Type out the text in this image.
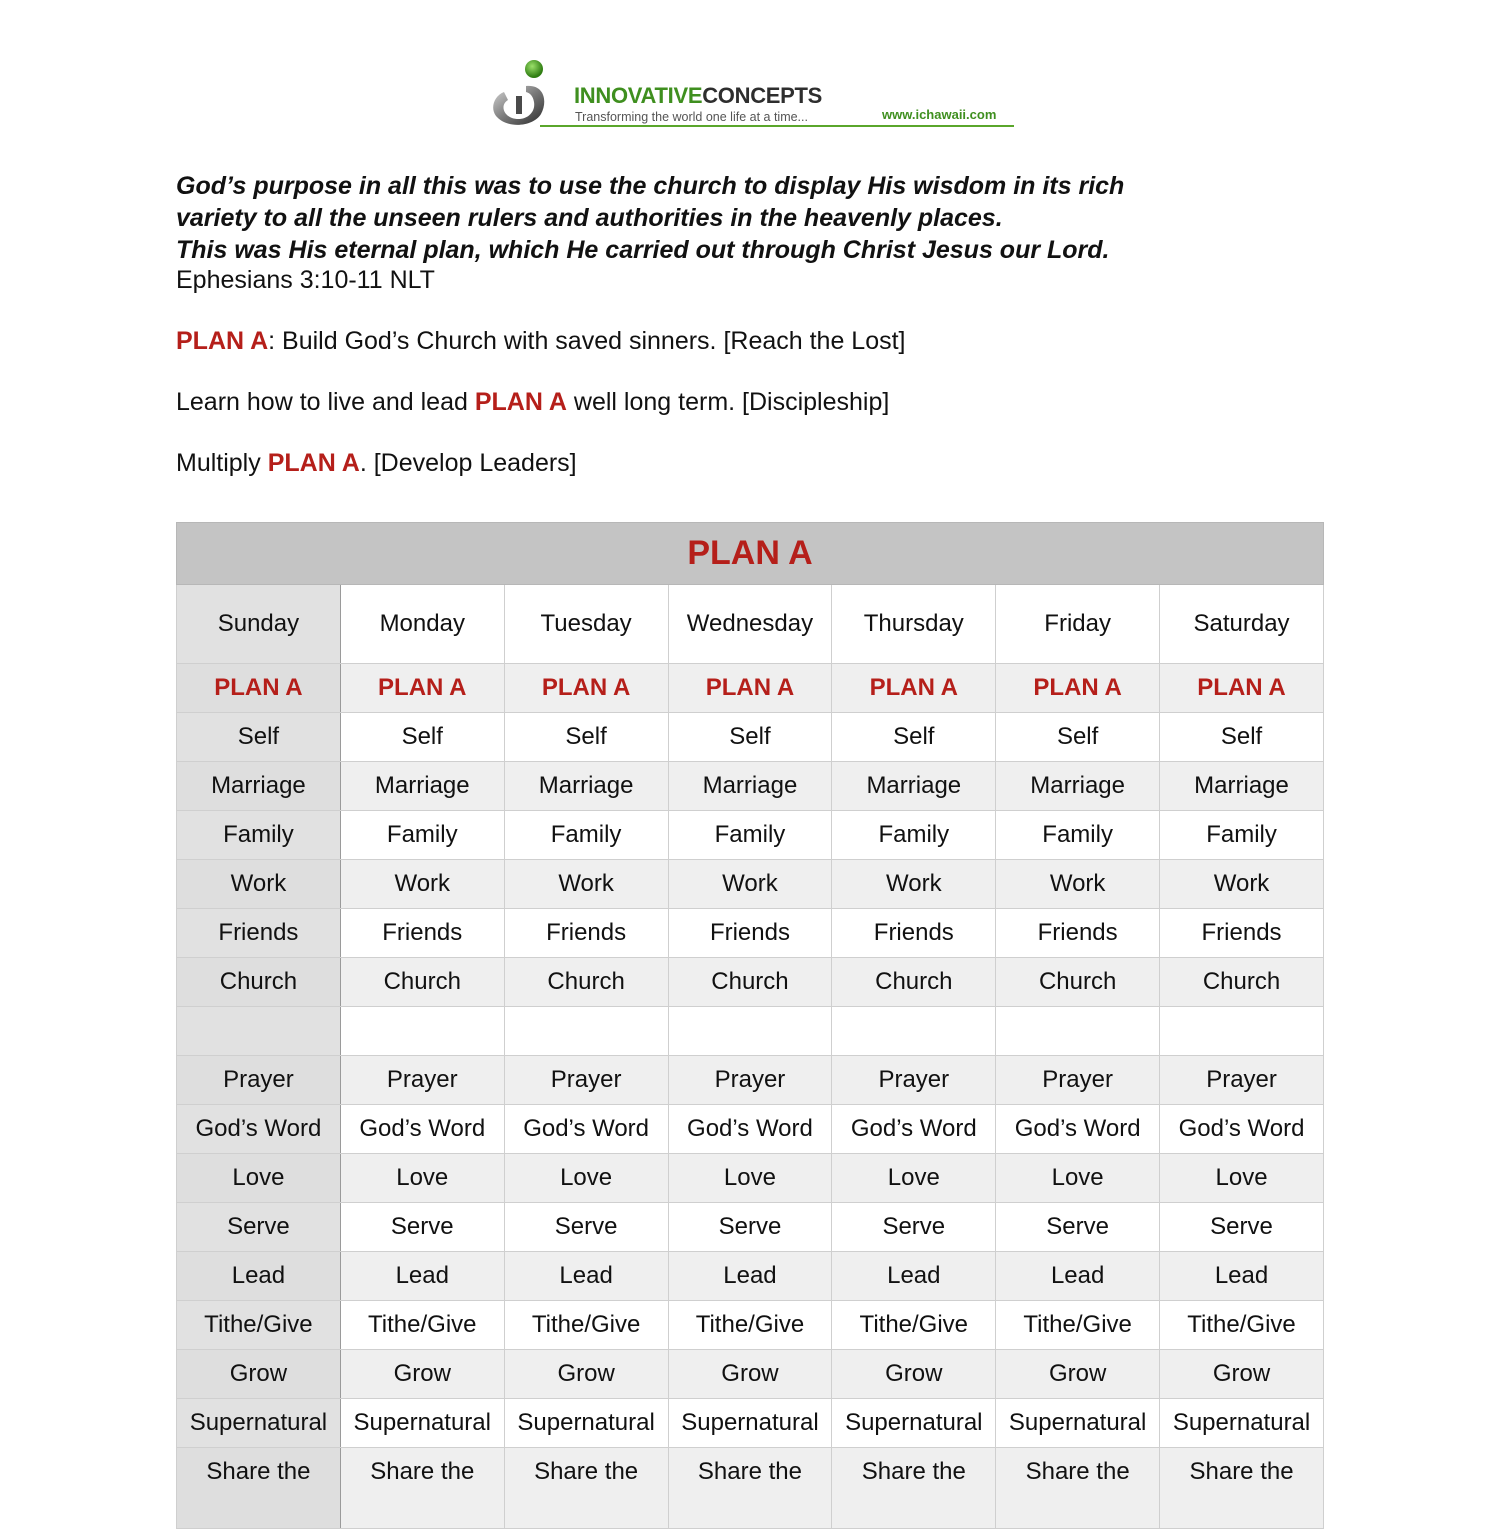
INNOVATIVECONCEPTS
Transforming the world one life at a time...	www.ichawaii.com

God’s purpose in all this was to use the church to display His wisdom in its rich

variety to all the unseen rulers and authorities in the heavenly places.

This was His eternal plan, which He carried out through Christ Jesus our Lord.

Ephesians 3:10-11 NLT
PLAN A: Build God’s Church with saved sinners. [Reach the Lost]
Learn how to live and lead PLAN A well long term. [Discipleship]
Multiply PLAN A. [Develop Leaders]
PLAN A						
Sunday	Monday	Tuesday	Wednesday	Thursday	Friday	Saturday
PLAN A	PLAN A	PLAN A	PLAN A	PLAN A	PLAN A	PLAN A
Self	Self	Self	Self	Self	Self	Self
Marriage	Marriage	Marriage	Marriage	Marriage	Marriage	Marriage
Family	Family	Family	Family	Family	Family	Family
Work	Work	Work	Work	Work	Work	Work
Friends	Friends	Friends	Friends	Friends	Friends	Friends
Church	Church	Church	Church	Church	Church	Church

Prayer	Prayer	Prayer	Prayer	Prayer	Prayer	Prayer
God’s Word	God’s Word	God’s Word	God’s Word	God’s Word	God’s Word	God’s Word
Love	Love	Love	Love	Love	Love	Love
Serve	Serve	Serve	Serve	Serve	Serve	Serve
Lead	Lead	Lead	Lead	Lead	Lead	Lead
Tithe/Give	Tithe/Give	Tithe/Give	Tithe/Give	Tithe/Give	Tithe/Give	Tithe/Give
Grow	Grow	Grow	Grow	Grow	Grow	Grow
Supernatural	Supernatural	Supernatural	Supernatural	Supernatural	Supernatural	Supernatural
Share the	Share the	Share the	Share the	Share the	Share the	Share the
